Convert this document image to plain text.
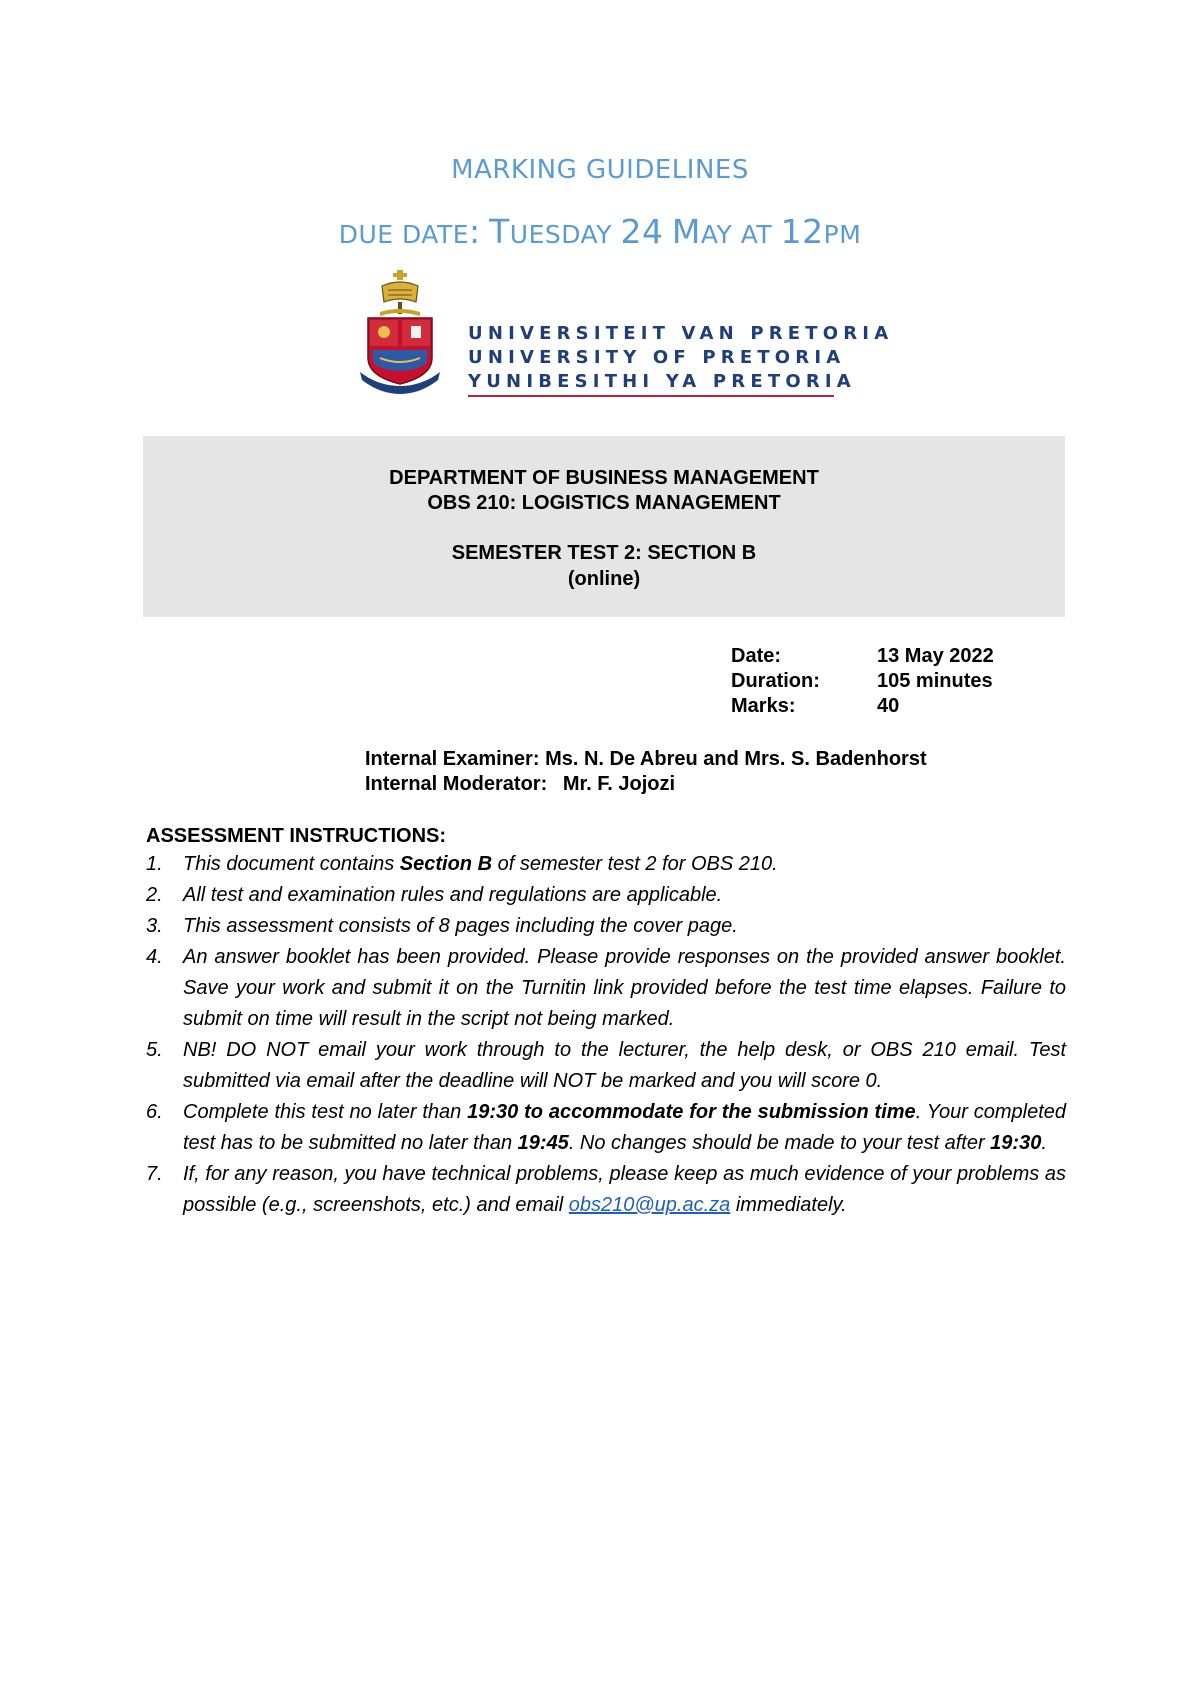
MARKING GUIDELINES
DUE DATE: TUESDAY 24 MAY AT 12PM
UNIVERSITEIT VAN PRETORIA
UNIVERSITY OF PRETORIA
YUNIBESITHI YA PRETORIA
DEPARTMENT OF BUSINESS MANAGEMENT
OBS 210: LOGISTICS MANAGEMENT
SEMESTER TEST 2: SECTION B
(online)
Date:	13 May 2022
Duration:	105 minutes
Marks:	40
Internal Examiner: Ms. N. De Abreu and Mrs. S. Badenhorst
Internal Moderator: Mr. F. Jojozi
ASSESSMENT INSTRUCTIONS:
1. This document contains Section B of semester test 2 for OBS 210.
2. All test and examination rules and regulations are applicable.
3. This assessment consists of 8 pages including the cover page.
4. An answer booklet has been provided. Please provide responses on the provided answer booklet. Save your work and submit it on the Turnitin link provided before the test time elapses. Failure to submit on time will result in the script not being marked.
5. NB! DO NOT email your work through to the lecturer, the help desk, or OBS 210 email. Test submitted via email after the deadline will NOT be marked and you will score 0.
6. Complete this test no later than 19:30 to accommodate for the submission time. Your completed test has to be submitted no later than 19:45. No changes should be made to your test after 19:30.
7. If, for any reason, you have technical problems, please keep as much evidence of your problems as possible (e.g., screenshots, etc.) and email obs210@up.ac.za immediately.
